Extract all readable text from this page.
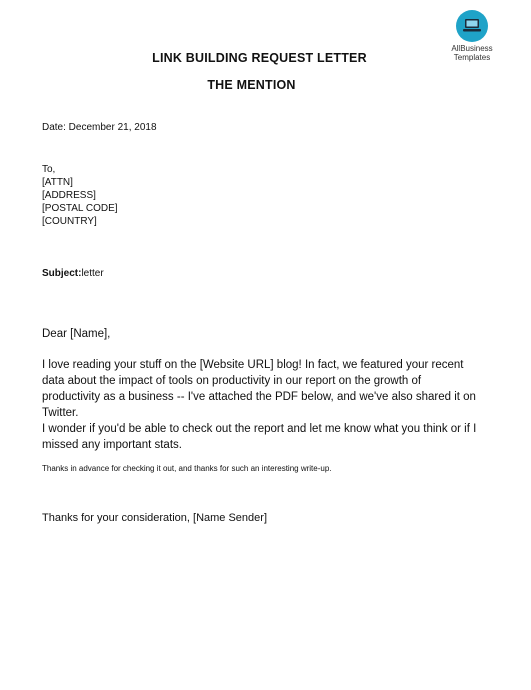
AllBusiness
Templates
LINK BUILDING REQUEST LETTER
THE MENTION
Date: December 21, 2018
To,
[ATTN]
[ADDRESS]
[POSTAL CODE]
[COUNTRY]
Subject:letter
Dear [Name],
I love reading your stuff on the [Website URL] blog! In fact, we featured your recent data about the impact of tools on productivity in our report on the growth of productivity as a business -- I've attached the PDF below, and we've also shared it on Twitter.
I wonder if you'd be able to check out the report and let me know what you think or if I missed any important stats.
Thanks in advance for checking it out, and thanks for such an interesting write-up.
Thanks for your consideration, [Name Sender]
